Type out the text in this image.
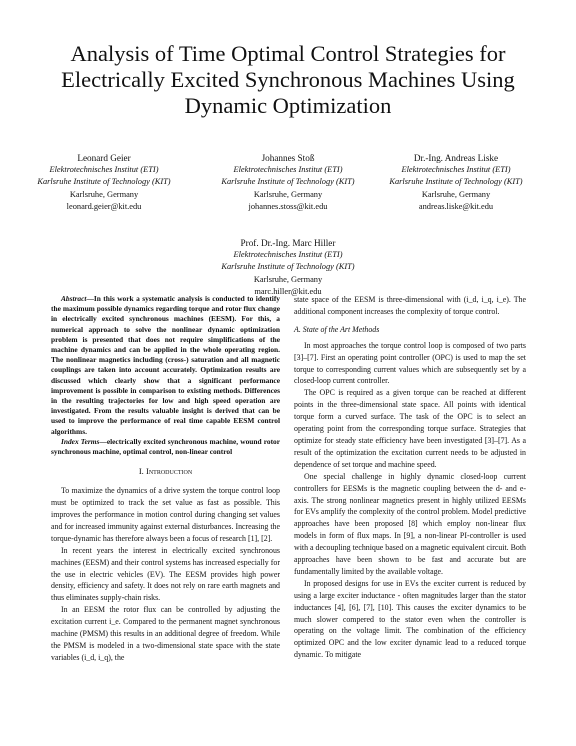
Analysis of Time Optimal Control Strategies for Electrically Excited Synchronous Machines Using Dynamic Optimization
Leonard Geier
Elektrotechnisches Institut (ETI)
Karlsruhe Institute of Technology (KIT)
Karlsruhe, Germany
leonard.geier@kit.edu
Johannes Stoß
Elektrotechnisches Institut (ETI)
Karlsruhe Institute of Technology (KIT)
Karlsruhe, Germany
johannes.stoss@kit.edu
Dr.-Ing. Andreas Liske
Elektrotechnisches Institut (ETI)
Karlsruhe Institute of Technology (KIT)
Karlsruhe, Germany
andreas.liske@kit.edu
Prof. Dr.-Ing. Marc Hiller
Elektrotechnisches Institut (ETI)
Karlsruhe Institute of Technology (KIT)
Karlsruhe, Germany
marc.hiller@kit.edu

Abstract—In this work a systematic analysis is conducted to identify the maximum possible dynamics regarding torque and rotor flux change in electrically excited synchronous machines (EESM). For this, a numerical approach to solve the nonlinear dynamic optimization problem is presented that does not require simplifications of the machine dynamics and can be applied in the whole operating region. The nonlinear magnetics including (cross-) saturation and all magnetic couplings are taken into account accurately. Optimization results are discussed which clearly show that a significant performance improvement is possible in comparison to existing methods. Differences in the resulting trajectories for low and high speed operation are investigated. From the results valuable insight is derived that can be used to improve the performance of real time capable EESM control algorithms.

Index Terms—electrically excited synchronous machine, wound rotor synchronous machine, optimal control, non-linear control

I. Introduction

To maximize the dynamics of a drive system the torque control loop must be optimized to track the set value as fast as possible. This improves the performance in motion control during changing set values and for increased immunity against external disturbances. Increasing the torque-dynamic has therefore always been a focus of research [1], [2].

In recent years the interest in electrically excited synchronous machines (EESM) and their control systems has increased especially for the use in electric vehicles (EV). The EESM provides high power density, efficiency and safety. It does not rely on rare earth magnets and thus eliminates supply-chain risks.

In an EESM the rotor flux can be controlled by adjusting the excitation current i_e. Compared to the permanent magnet synchronous machine (PMSM) this results in an additional degree of freedom. While the PMSM is modeled in a two-dimensional state space with the state variables (i_d, i_q), the

state space of the EESM is three-dimensional with (i_d, i_q, i_e). The additional component increases the complexity of torque control.

A. State of the Art Methods

In most approaches the torque control loop is composed of two parts [3]–[7]. First an operating point controller (OPC) is used to map the set torque to corresponding current values which are subsequently set by a closed-loop current controller.

The OPC is required as a given torque can be reached at different points in the three-dimensional state space. All points with identical torque form a curved surface. The task of the OPC is to select an operating point from the corresponding torque surface. Strategies that optimize for steady state efficiency have been investigated [3]–[7]. As a result of the optimization the excitation current needs to be adjusted in dependence of set torque and machine speed.

One special challenge in highly dynamic closed-loop current controllers for EESMs is the magnetic coupling between the d- and e-axis. The strong nonlinear magnetics present in highly utilized EESMs for EVs amplify the complexity of the control problem. Model predictive approaches have been proposed [8] which employ non-linear flux models in form of flux maps. In [9], a non-linear PI-controller is used with a decoupling technique based on a magnetic equivalent circuit. Both approaches have been shown to be fast and accurate but are fundamentally limited by the available voltage.

In proposed designs for use in EVs the exciter current is reduced by using a large exciter inductance - often magnitudes larger than the stator inductances [4], [6], [7], [10]. This causes the exciter dynamics to be much slower compered to the stator even when the controller is operating on the voltage limit. The combination of the efficiency optimized OPC and the low exciter dynamic lead to a reduced torque dynamic. To mitigate
